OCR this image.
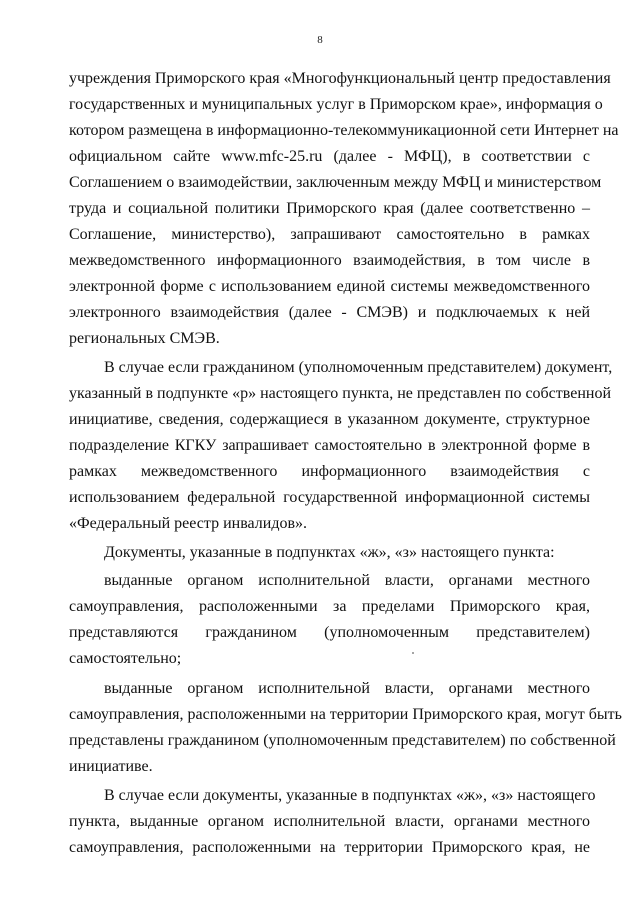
8
учреждения Приморского края «Многофункциональный центр предоставления
государственных и муниципальных услуг в Приморском крае», информация о
котором размещена в информационно-телекоммуникационной сети Интернет на
официальном сайте www.mfc-25.ru (далее - МФЦ), в соответствии с
Соглашением о взаимодействии, заключенным между МФЦ и министерством
труда и социальной политики Приморского края (далее соответственно –
Соглашение, министерство), запрашивают самостоятельно в рамках
межведомственного информационного взаимодействия, в том числе в
электронной форме с использованием единой системы межведомственного
электронного взаимодействия (далее - СМЭВ) и подключаемых к ней
региональных СМЭВ.
В случае если гражданином (уполномоченным представителем) документ,
указанный в подпункте «р» настоящего пункта, не представлен по собственной
инициативе, сведения, содержащиеся в указанном документе, структурное
подразделение КГКУ запрашивает самостоятельно в электронной форме в
рамках межведомственного информационного взаимодействия с
использованием федеральной государственной информационной системы
«Федеральный реестр инвалидов».
Документы, указанные в подпунктах «ж», «з» настоящего пункта:
выданные органом исполнительной власти, органами местного
самоуправления, расположенными за пределами Приморского края,
представляются гражданином (уполномоченным представителем)
самостоятельно;
выданные органом исполнительной власти, органами местного
самоуправления, расположенными на территории Приморского края, могут быть
представлены гражданином (уполномоченным представителем) по собственной
инициативе.
В случае если документы, указанные в подпунктах «ж», «з» настоящего
пункта, выданные органом исполнительной власти, органами местного
самоуправления, расположенными на территории Приморского края, не
